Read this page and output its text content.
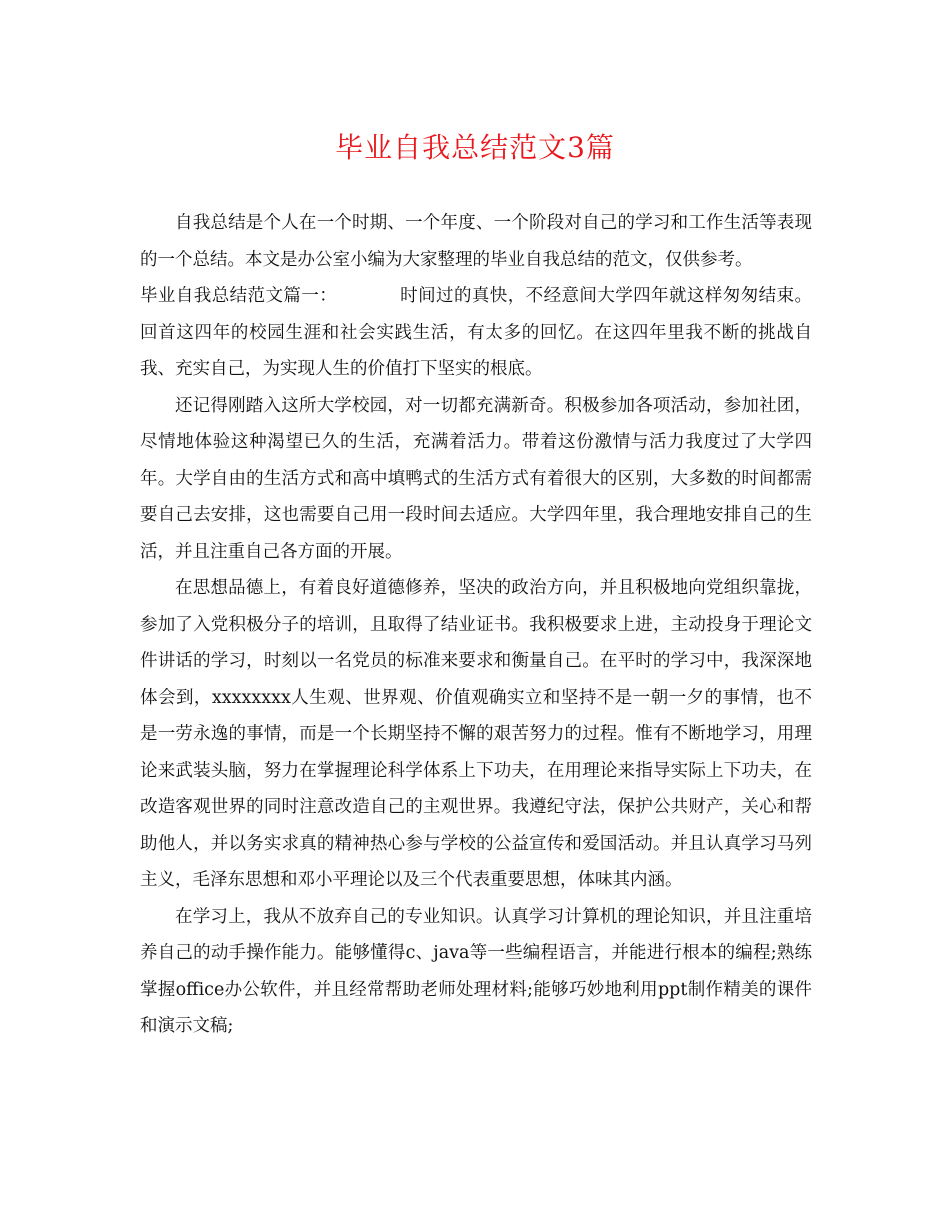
毕业自我总结范文3篇

自我总结是个人在一个时期、一个年度、一个阶段对自己的学习和工作生活等表现的一个总结。本文是办公室小编为大家整理的毕业自我总结的范文，仅供参考。

毕业自我总结范文篇一：	时间过的真快，不经意间大学四年就这样匆匆结束。回首这四年的校园生涯和社会实践生活，有太多的回忆。在这四年里我不断的挑战自我、充实自己，为实现人生的价值打下坚实的根底。

还记得刚踏入这所大学校园，对一切都充满新奇。积极参加各项活动，参加社团，尽情地体验这种渴望已久的生活，充满着活力。带着这份激情与活力我度过了大学四年。大学自由的生活方式和高中填鸭式的生活方式有着很大的区别，大多数的时间都需要自己去安排，这也需要自己用一段时间去适应。大学四年里，我合理地安排自己的生活，并且注重自己各方面的开展。

在思想品德上，有着良好道德修养，坚决的政治方向，并且积极地向党组织靠拢，参加了入党积极分子的培训，且取得了结业证书。我积极要求上进，主动投身于理论文件讲话的学习，时刻以一名党员的标准来要求和衡量自己。在平时的学习中，我深深地体会到，xxxxxxxx人生观、世界观、价值观确实立和坚持不是一朝一夕的事情，也不是一劳永逸的事情，而是一个长期坚持不懈的艰苦努力的过程。惟有不断地学习，用理论来武装头脑，努力在掌握理论科学体系上下功夫，在用理论来指导实际上下功夫，在改造客观世界的同时注意改造自己的主观世界。我遵纪守法，保护公共财产，关心和帮助他人，并以务实求真的精神热心参与学校的公益宣传和爱国活动。并且认真学习马列主义，毛泽东思想和邓小平理论以及三个代表重要思想，体味其内涵。

在学习上，我从不放弃自己的专业知识。认真学习计算机的理论知识，并且注重培养自己的动手操作能力。能够懂得c、java等一些编程语言，并能进行根本的编程;熟练掌握office办公软件，并且经常帮助老师处理材料;能够巧妙地利用ppt制作精美的课件和演示文稿;
